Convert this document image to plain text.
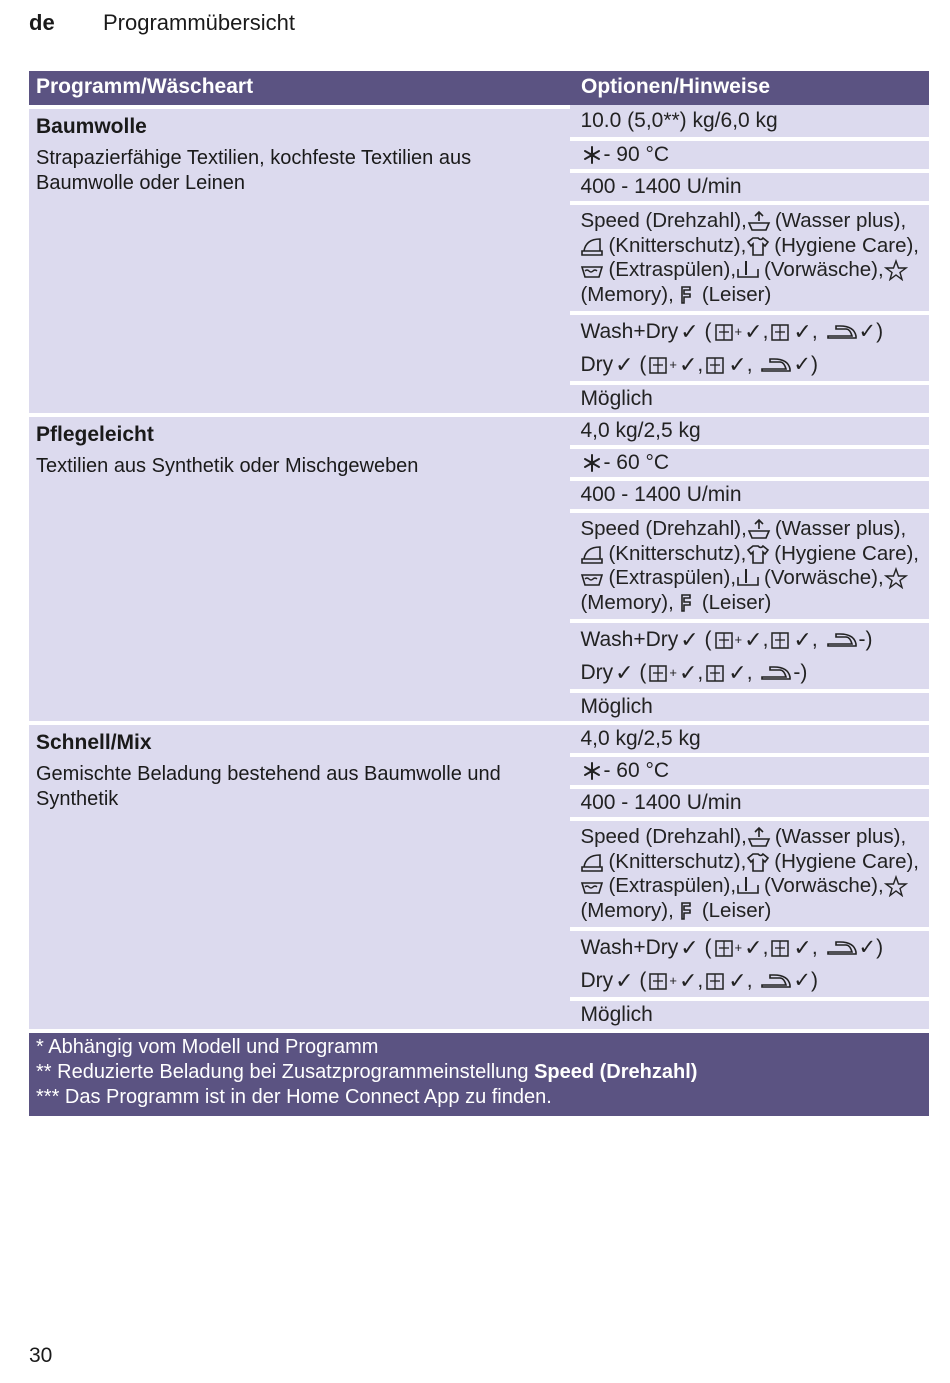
de	Programmübersicht
Programm/Wäscheart	Optionen/Hinweise
Baumwolle
Strapazierfähige Textilien, kochfeste Textilien aus Baumwolle oder Leinen
10.0 (5,0**) kg/6,0 kg
- 90 °C
400 - 1400 U/min
Speed (Drehzahl), (Wasser plus),
(Knitterschutz), (Hygiene Care),
(Extraspülen), (Vorwäsche),
(Memory), (Leiser)
Wash+Dry ✓ ( + ✓ , ✓ , ✓ )
Dry ✓ ( + ✓ , ✓ , ✓ )
Möglich
Pflegeleicht
Textilien aus Synthetik oder Mischgeweben
4,0 kg/2,5 kg
- 60 °C
400 - 1400 U/min
Speed (Drehzahl), (Wasser plus),
(Knitterschutz), (Hygiene Care),
(Extraspülen), (Vorwäsche),
(Memory), (Leiser)
Wash+Dry ✓ ( + ✓ , ✓ , - )
Dry ✓ ( + ✓ , ✓ , - )
Möglich
Schnell/Mix
Gemischte Beladung bestehend aus Baumwolle und Synthetik
4,0 kg/2,5 kg
- 60 °C
400 - 1400 U/min
Speed (Drehzahl), (Wasser plus),
(Knitterschutz), (Hygiene Care),
(Extraspülen), (Vorwäsche),
(Memory), (Leiser)
Wash+Dry ✓ ( + ✓ , ✓ , ✓ )
Dry ✓ ( + ✓ , ✓ , ✓ )
Möglich
* Abhängig vom Modell und Programm
** Reduzierte Beladung bei Zusatzprogrammeinstellung Speed (Drehzahl)
*** Das Programm ist in der Home Connect App zu finden.
30
